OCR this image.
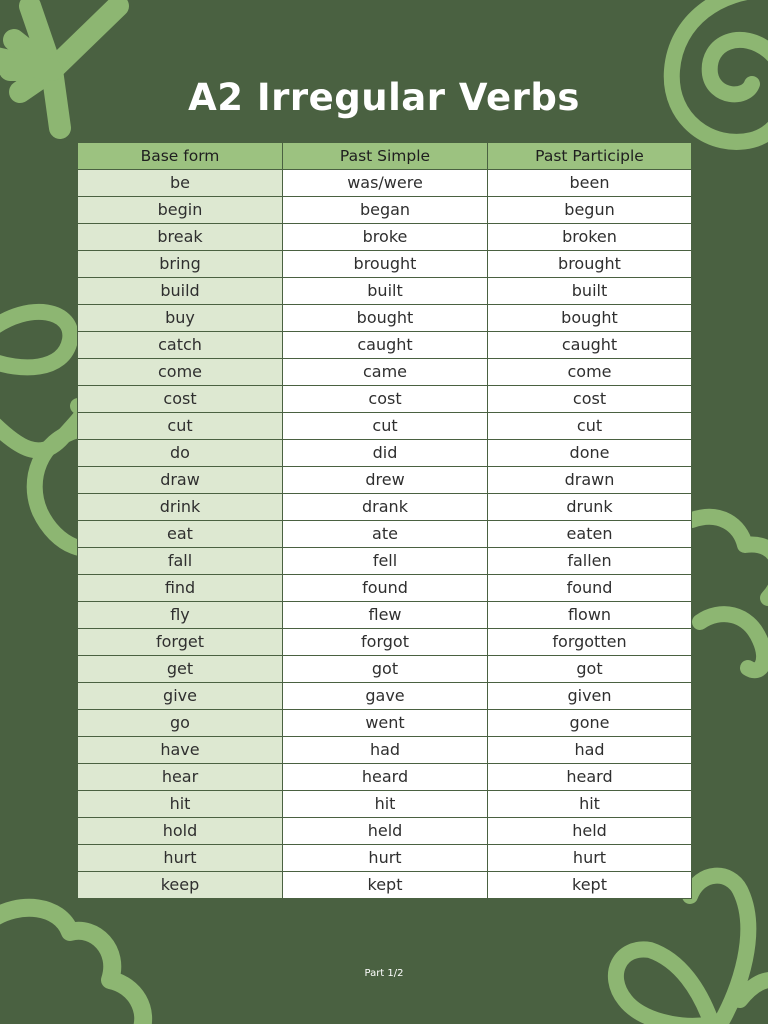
A2 Irregular Verbs
Base form	Past Simple	Past Participle
be	was/were	been
begin	began	begun
break	broke	broken
bring	brought	brought
build	built	built
buy	bought	bought
catch	caught	caught
come	came	come
cost	cost	cost
cut	cut	cut
do	did	done
draw	drew	drawn
drink	drank	drunk
eat	ate	eaten
fall	fell	fallen
find	found	found
fly	flew	flown
forget	forgot	forgotten
get	got	got
give	gave	given
go	went	gone
have	had	had
hear	heard	heard
hit	hit	hit
hold	held	held
hurt	hurt	hurt
keep	kept	kept
Part 1/2
